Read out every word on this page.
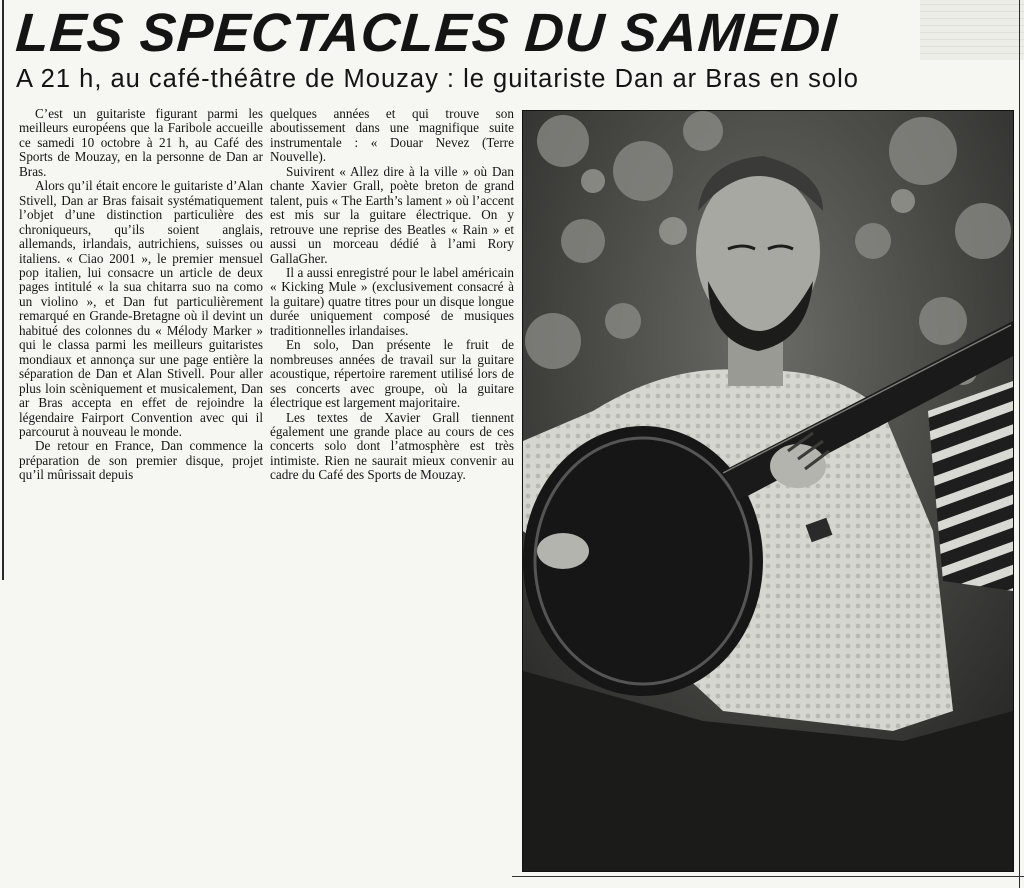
LES SPECTACLES DU SAMEDI
A 21 h, au café-théâtre de Mouzay : le guitariste Dan ar Bras en solo

C’est un guitariste figurant parmi les meilleurs européens que la Faribole accueille ce samedi 10 octobre à 21 h, au Café des Sports de Mouzay, en la personne de Dan ar Bras.

Alors qu’il était encore le guitariste d’Alan Stivell, Dan ar Bras faisait systématiquement l’objet d’une distinction particulière des chroniqueurs, qu’ils soient anglais, allemands, irlandais, autrichiens, suisses ou italiens. « Ciao 2001 », le premier mensuel pop italien, lui consacre un article de deux pages intitulé « la sua chitarra suo na como un violino », et Dan fut particulièrement remarqué en Grande-Bretagne où il devint un habitué des colonnes du « Mélody Marker » qui le classa parmi les meilleurs guitaristes mondiaux et annonça sur une page entière la séparation de Dan et Alan Stivell. Pour aller plus loin scèniquement et musicalement, Dan ar Bras accepta en effet de rejoindre la légendaire Fairport Convention avec qui il parcourut à nouveau le monde.

De retour en France, Dan commence la préparation de son premier disque, projet qu’il mûrissait depuis

quelques années et qui trouve son aboutissement dans une magnifique suite instrumentale : « Douar Nevez (Terre Nouvelle).

Suivirent « Allez dire à la ville » où Dan chante Xavier Grall, poète breton de grand talent, puis « The Earth’s lament » où l’accent est mis sur la guitare électrique. On y retrouve une reprise des Beatles « Rain » et aussi un morceau dédié à l’ami Rory GallaGher.

Il a aussi enregistré pour le label américain « Kicking Mule » (exclusivement consacré à la guitare) quatre titres pour un disque longue durée uniquement composé de musiques traditionnelles irlandaises.

En solo, Dan présente le fruit de nombreuses années de travail sur la guitare acoustique, répertoire rarement utilisé lors de ses concerts avec groupe, où la guitare électrique est largement majoritaire.

Les textes de Xavier Grall tiennent également une grande place au cours de ces concerts solo dont l’atmosphère est très intimiste. Rien ne saurait mieux convenir au cadre du Café des Sports de Mouzay.
